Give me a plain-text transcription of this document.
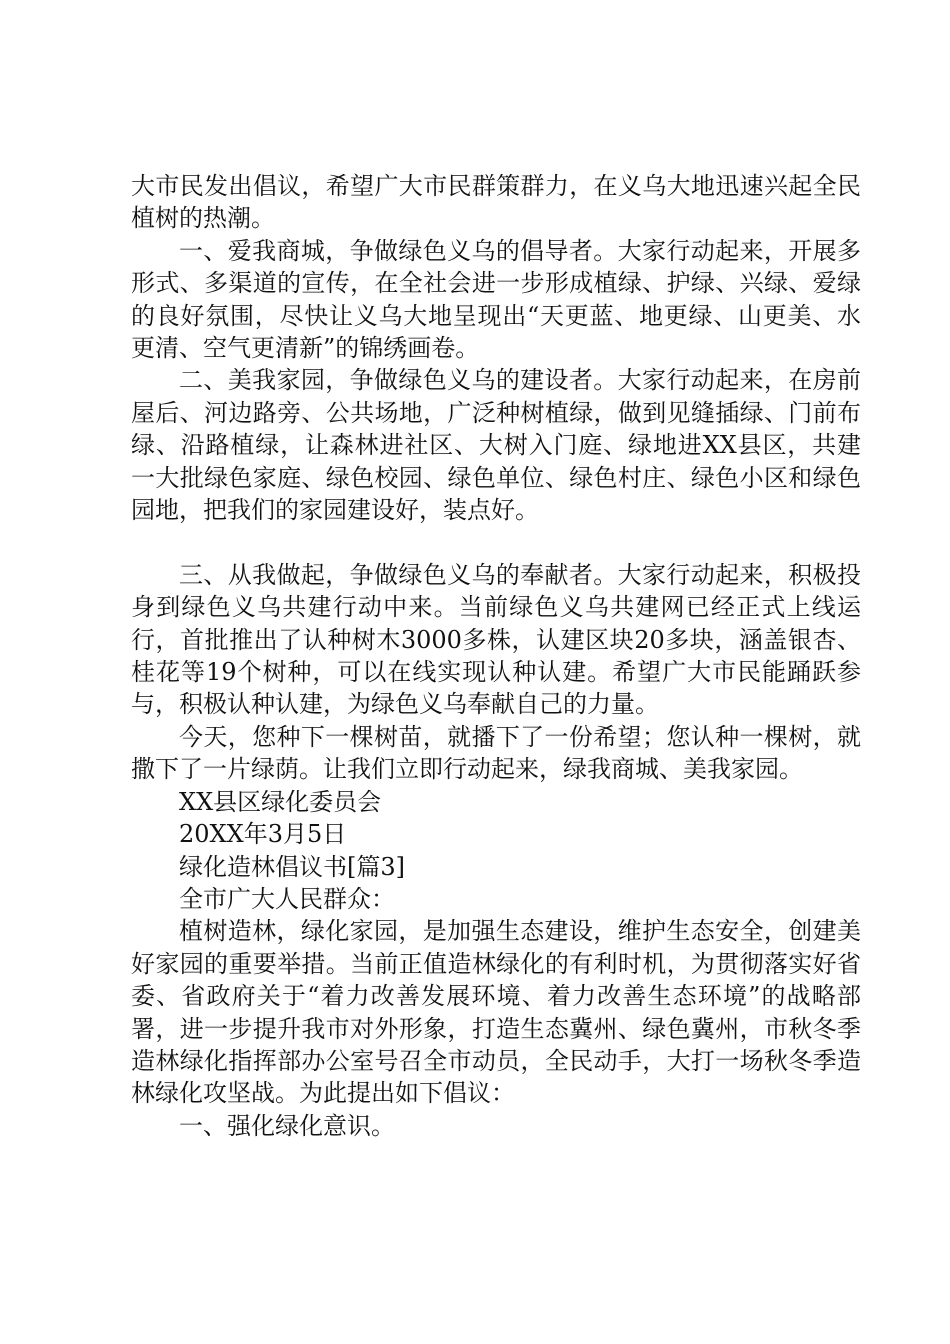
大市民发出倡议，希望广大市民群策群力，在义乌大地迅速兴起全民植树的热潮。

一、爱我商城，争做绿色义乌的倡导者。大家行动起来，开展多形式、多渠道的宣传，在全社会进一步形成植绿、护绿、兴绿、爱绿的良好氛围，尽快让义乌大地呈现出“天更蓝、地更绿、山更美、水更清、空气更清新”的锦绣画卷。

二、美我家园，争做绿色义乌的建设者。大家行动起来，在房前屋后、河边路旁、公共场地，广泛种树植绿，做到见缝插绿、门前布绿、沿路植绿，让森林进社区、大树入门庭、绿地进XX县区，共建一大批绿色家庭、绿色校园、绿色单位、绿色村庄、绿色小区和绿色园地，把我们的家园建设好，装点好。

三、从我做起，争做绿色义乌的奉献者。大家行动起来，积极投身到绿色义乌共建行动中来。当前绿色义乌共建网已经正式上线运行，首批推出了认种树木3000多株，认建区块20多块，涵盖银杏、桂花等19个树种，可以在线实现认种认建。希望广大市民能踊跃参与，积极认种认建，为绿色义乌奉献自己的力量。

今天，您种下一棵树苗，就播下了一份希望；您认种一棵树，就撒下了一片绿荫。让我们立即行动起来，绿我商城、美我家园。

XX县区绿化委员会

20XX年3月5日

绿化造林倡议书[篇3]

全市广大人民群众：

植树造林，绿化家园，是加强生态建设，维护生态安全，创建美好家园的重要举措。当前正值造林绿化的有利时机，为贯彻落实好省委、省政府关于“着力改善发展环境、着力改善生态环境”的战略部署，进一步提升我市对外形象，打造生态冀州、绿色冀州，市秋冬季造林绿化指挥部办公室号召全市动员，全民动手，大打一场秋冬季造林绿化攻坚战。为此提出如下倡议：

一、强化绿化意识。
